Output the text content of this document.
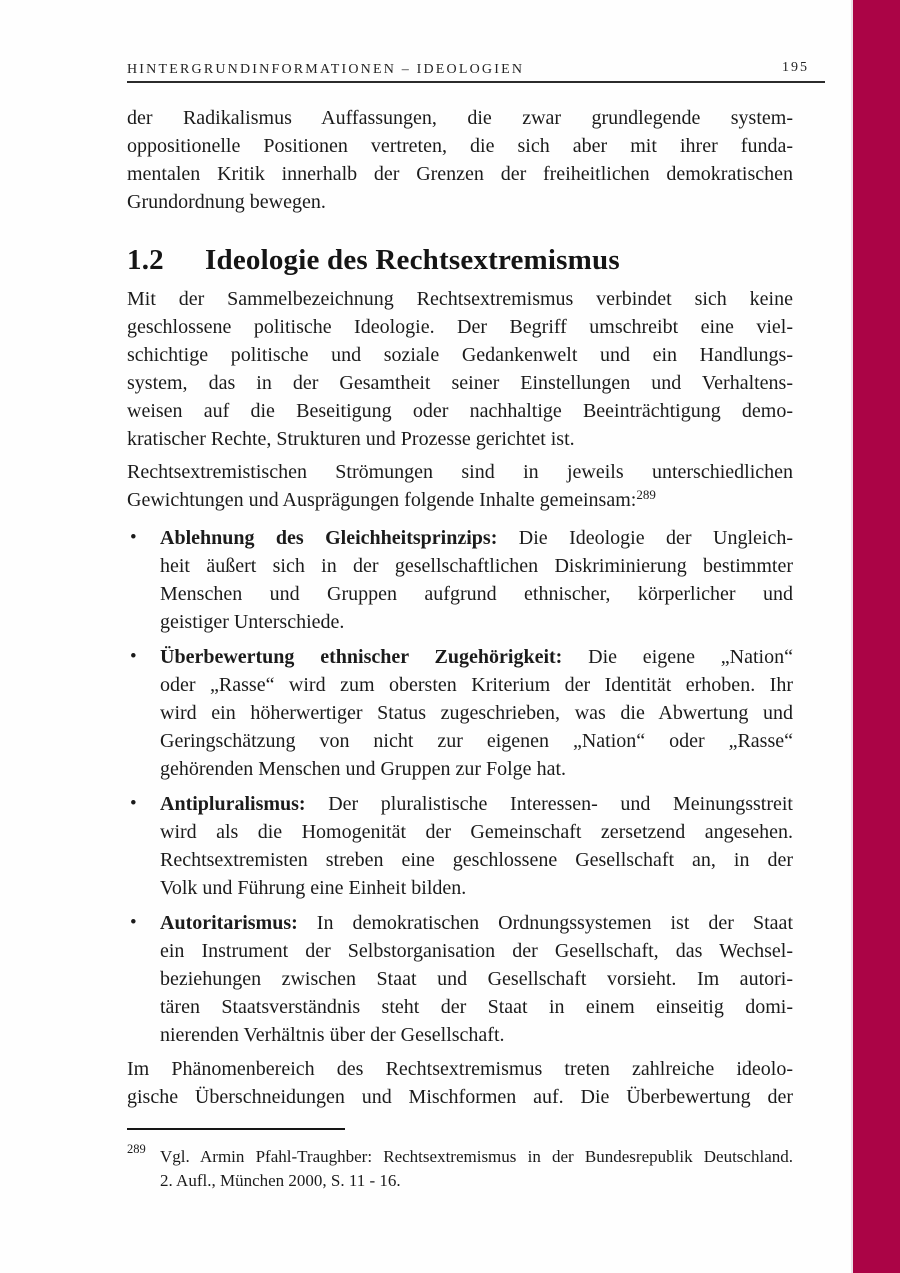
HINTERGRUNDINFORMATIONEN – IDEOLOGIEN	195
der Radikalismus Auffassungen, die zwar grundlegende system-
oppositionelle Positionen vertreten, die sich aber mit ihrer funda-
mentalen Kritik innerhalb der Grenzen der freiheitlichen demokratischen
Grundordnung bewegen.
1.2 Ideologie des Rechtsextremismus
Mit der Sammelbezeichnung Rechtsextremismus verbindet sich keine
geschlossene politische Ideologie. Der Begriff umschreibt eine viel-
schichtige politische und soziale Gedankenwelt und ein Handlungs-
system, das in der Gesamtheit seiner Einstellungen und Verhaltens-
weisen auf die Beseitigung oder nachhaltige Beeinträchtigung demo-
kratischer Rechte, Strukturen und Prozesse gerichtet ist.
Rechtsextremistischen Strömungen sind in jeweils unterschiedlichen
Gewichtungen und Ausprägungen folgende Inhalte gemeinsam:$^{289}$
• Ablehnung des Gleichheitsprinzips: Die Ideologie der Ungleich-
heit äußert sich in der gesellschaftlichen Diskriminierung bestimmter
Menschen und Gruppen aufgrund ethnischer, körperlicher und
geistiger Unterschiede.
• Überbewertung ethnischer Zugehörigkeit: Die eigene „Nation“
oder „Rasse“ wird zum obersten Kriterium der Identität erhoben. Ihr
wird ein höherwertiger Status zugeschrieben, was die Abwertung und
Geringschätzung von nicht zur eigenen „Nation“ oder „Rasse“
gehörenden Menschen und Gruppen zur Folge hat.
• Antipluralismus: Der pluralistische Interessen- und Meinungsstreit
wird als die Homogenität der Gemeinschaft zersetzend angesehen.
Rechtsextremisten streben eine geschlossene Gesellschaft an, in der
Volk und Führung eine Einheit bilden.
• Autoritarismus: In demokratischen Ordnungssystemen ist der Staat
ein Instrument der Selbstorganisation der Gesellschaft, das Wechsel-
beziehungen zwischen Staat und Gesellschaft vorsieht. Im autori-
tären Staatsverständnis steht der Staat in einem einseitig domi-
nierenden Verhältnis über der Gesellschaft.
Im Phänomenbereich des Rechtsextremismus treten zahlreiche ideolo-
gische Überschneidungen und Mischformen auf. Die Überbewertung der
289 Vgl. Armin Pfahl-Traughber: Rechtsextremismus in der Bundesrepublik Deutschland.
2. Aufl., München 2000, S. 11 - 16.
